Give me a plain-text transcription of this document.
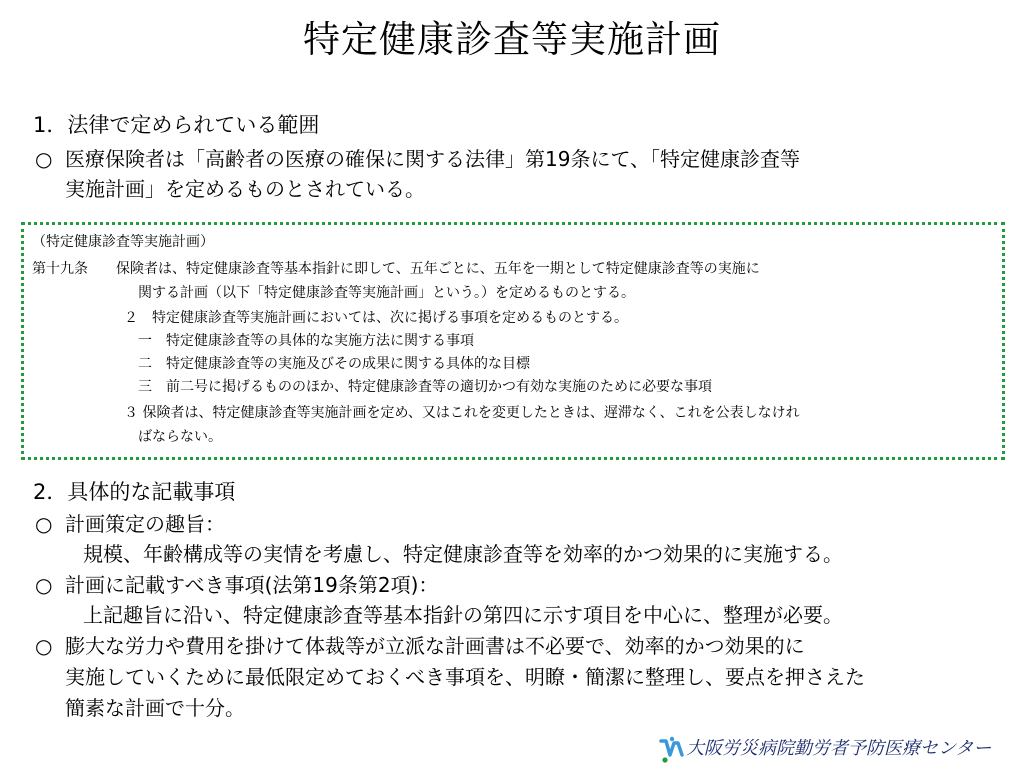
特定健康診査等実施計画
1．法律で定められている範囲
○ 医療保険者は「高齢者の医療の確保に関する法律」第19条にて、「特定健康診査等
実施計画」を定めるものとされている。
（特定健康診査等実施計画）
第十九条　　保険者は、特定健康診査等基本指針に即して、五年ごとに、五年を一期として特定健康診査等の実施に
関する計画（以下「特定健康診査等実施計画」という。）を定めるものとする。
２　特定健康診査等実施計画においては、次に掲げる事項を定めるものとする。
一　特定健康診査等の具体的な実施方法に関する事項
二　特定健康診査等の実施及びその成果に関する具体的な目標
三　前二号に掲げるもののほか、特定健康診査等の適切かつ有効な実施のために必要な事項
３ 保険者は、特定健康診査等実施計画を定め、又はこれを変更したときは、遅滞なく、これを公表しなけれ
ばならない。
2．具体的な記載事項
○ 計画策定の趣旨：
規模、年齢構成等の実情を考慮し、特定健康診査等を効率的かつ効果的に実施する。
○ 計画に記載すべき事項(法第19条第2項)：
上記趣旨に沿い、特定健康診査等基本指針の第四に示す項目を中心に、整理が必要。
○ 膨大な労力や費用を掛けて体裁等が立派な計画書は不必要で、効率的かつ効果的に
実施していくために最低限定めておくべき事項を、明瞭・簡潔に整理し、要点を押さえた
簡素な計画で十分。
大阪労災病院勤労者予防医療センター
